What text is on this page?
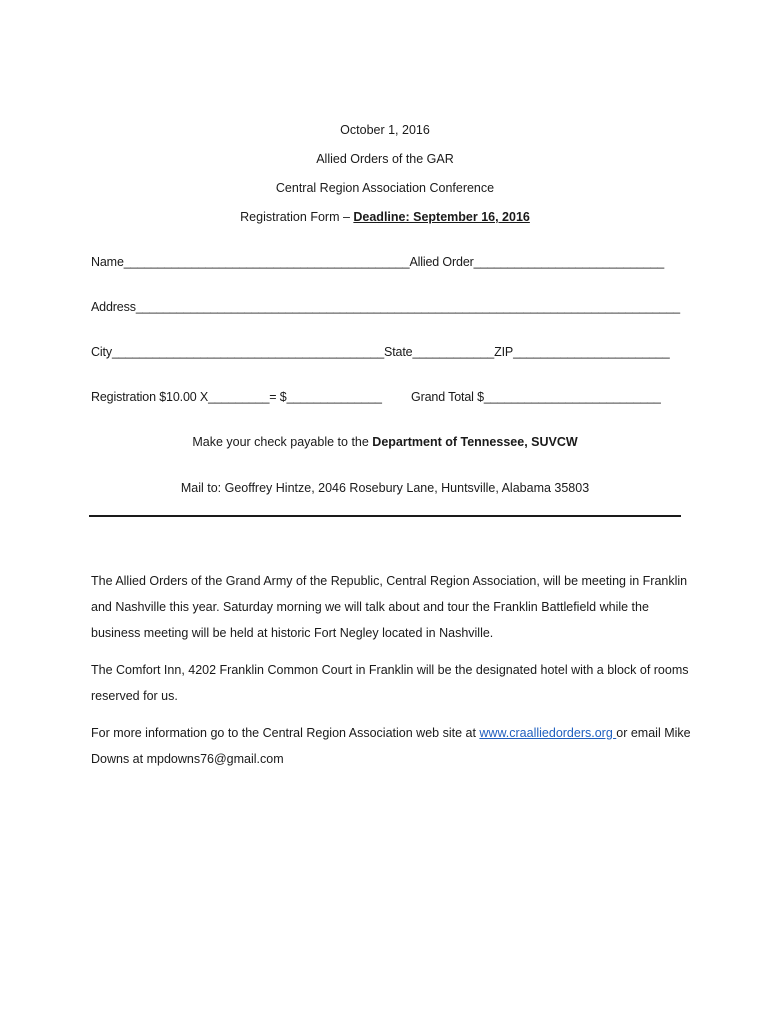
October 1, 2016
Allied Orders of the GAR
Central Region Association Conference
Registration Form – Deadline: September 16, 2016
Name__________________________________________Allied Order____________________________
Address________________________________________________________________________________
City________________________________________State____________ZIP_______________________
Registration $10.00 X_________= $______________ Grand Total $__________________________
Make your check payable to the Department of Tennessee, SUVCW
Mail to: Geoffrey Hintze, 2046 Rosebury Lane, Huntsville, Alabama 35803

The Allied Orders of the Grand Army of the Republic, Central Region Association, will be meeting in Franklin and Nashville this year. Saturday morning we will talk about and tour the Franklin Battlefield while the business meeting will be held at historic Fort Negley located in Nashville.

The Comfort Inn, 4202 Franklin Common Court in Franklin will be the designated hotel with a block of rooms reserved for us.

For more information go to the Central Region Association web site at www.craalliedorders.org or email Mike Downs at mpdowns76@gmail.com
